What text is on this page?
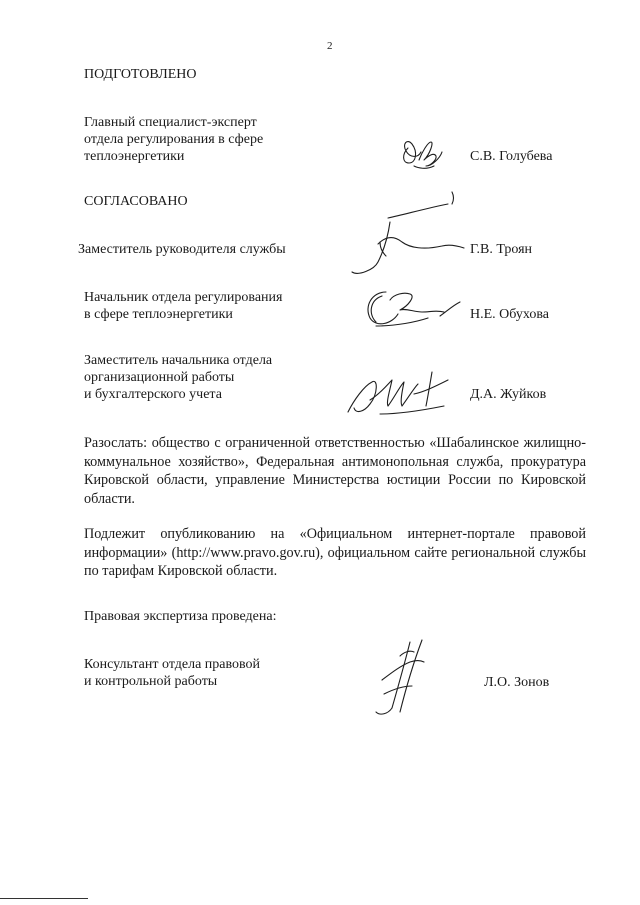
2
ПОДГОТОВЛЕНО
Главный специалист-эксперт
отдела регулирования в сфере
теплоэнергетики	С.В. Голубева
СОГЛАСОВАНО
Заместитель руководителя службы	Г.В. Троян
Начальник отдела регулирования
в сфере теплоэнергетики	Н.Е. Обухова
Заместитель начальника отдела
организационной работы
и бухгалтерского учета	Д.А. Жуйков
Разослать: общество с ограниченной ответственностью «Шабалинское жилищно-коммунальное хозяйство», Федеральная антимонопольная служба, прокуратура Кировской области, управление Министерства юстиции России по Кировской области.
Подлежит опубликованию на «Официальном интернет-портале правовой информации» (http://www.pravo.gov.ru), официальном сайте региональной службы по тарифам Кировской области.
Правовая экспертиза проведена:
Консультант отдела правовой
и контрольной работы	Л.О. Зонов
